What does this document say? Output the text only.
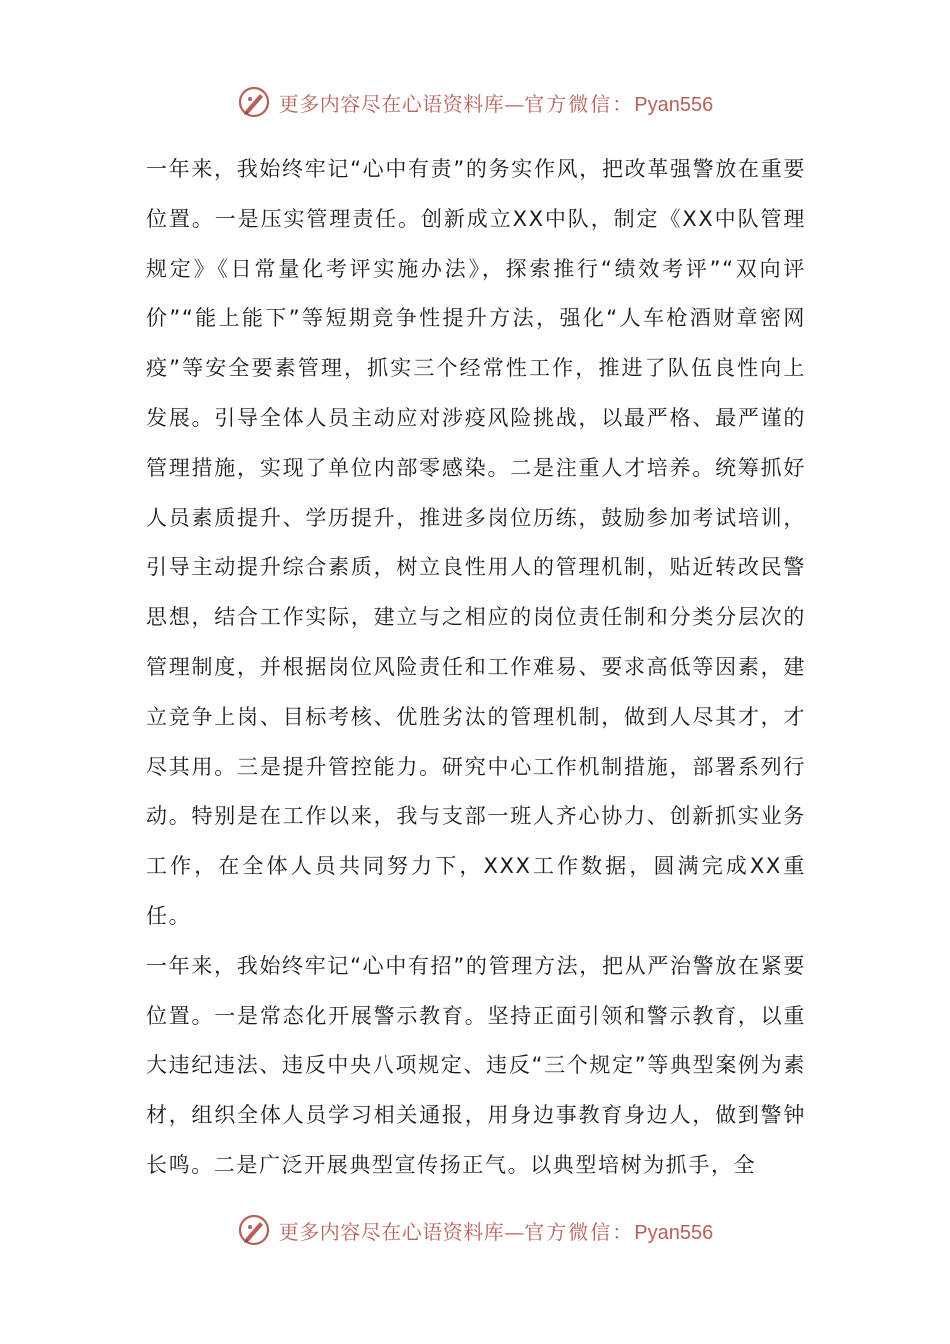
更多内容尽在心语资料库—官方微信：Pyan556

一年来，我始终牢记“心中有责”的务实作风，把改革强警放在重要位置。一是压实管理责任。创新成立XX中队，制定《XX中队管理规定》《日常量化考评实施办法》，探索推行“绩效考评”“双向评价”“能上能下”等短期竞争性提升方法，强化“人车枪酒财章密网疫”等安全要素管理，抓实三个经常性工作，推进了队伍良性向上发展。引导全体人员主动应对涉疫风险挑战，以最严格、最严谨的管理措施，实现了单位内部零感染。二是注重人才培养。统筹抓好人员素质提升、学历提升，推进多岗位历练，鼓励参加考试培训，引导主动提升综合素质，树立良性用人的管理机制，贴近转改民警思想，结合工作实际，建立与之相应的岗位责任制和分类分层次的管理制度，并根据岗位风险责任和工作难易、要求高低等因素，建立竞争上岗、目标考核、优胜劣汰的管理机制，做到人尽其才，才尽其用。三是提升管控能力。研究中心工作机制措施，部署系列行动。特别是在工作以来，我与支部一班人齐心协力、创新抓实业务工作，在全体人员共同努力下，XXX工作数据，圆满完成XX重任。

一年来，我始终牢记“心中有招”的管理方法，把从严治警放在紧要位置。一是常态化开展警示教育。坚持正面引领和警示教育，以重大违纪违法、违反中央八项规定、违反“三个规定”等典型案例为素材，组织全体人员学习相关通报，用身边事教育身边人，做到警钟长鸣。二是广泛开展典型宣传扬正气。以典型培树为抓手，全

更多内容尽在心语资料库—官方微信：Pyan556
